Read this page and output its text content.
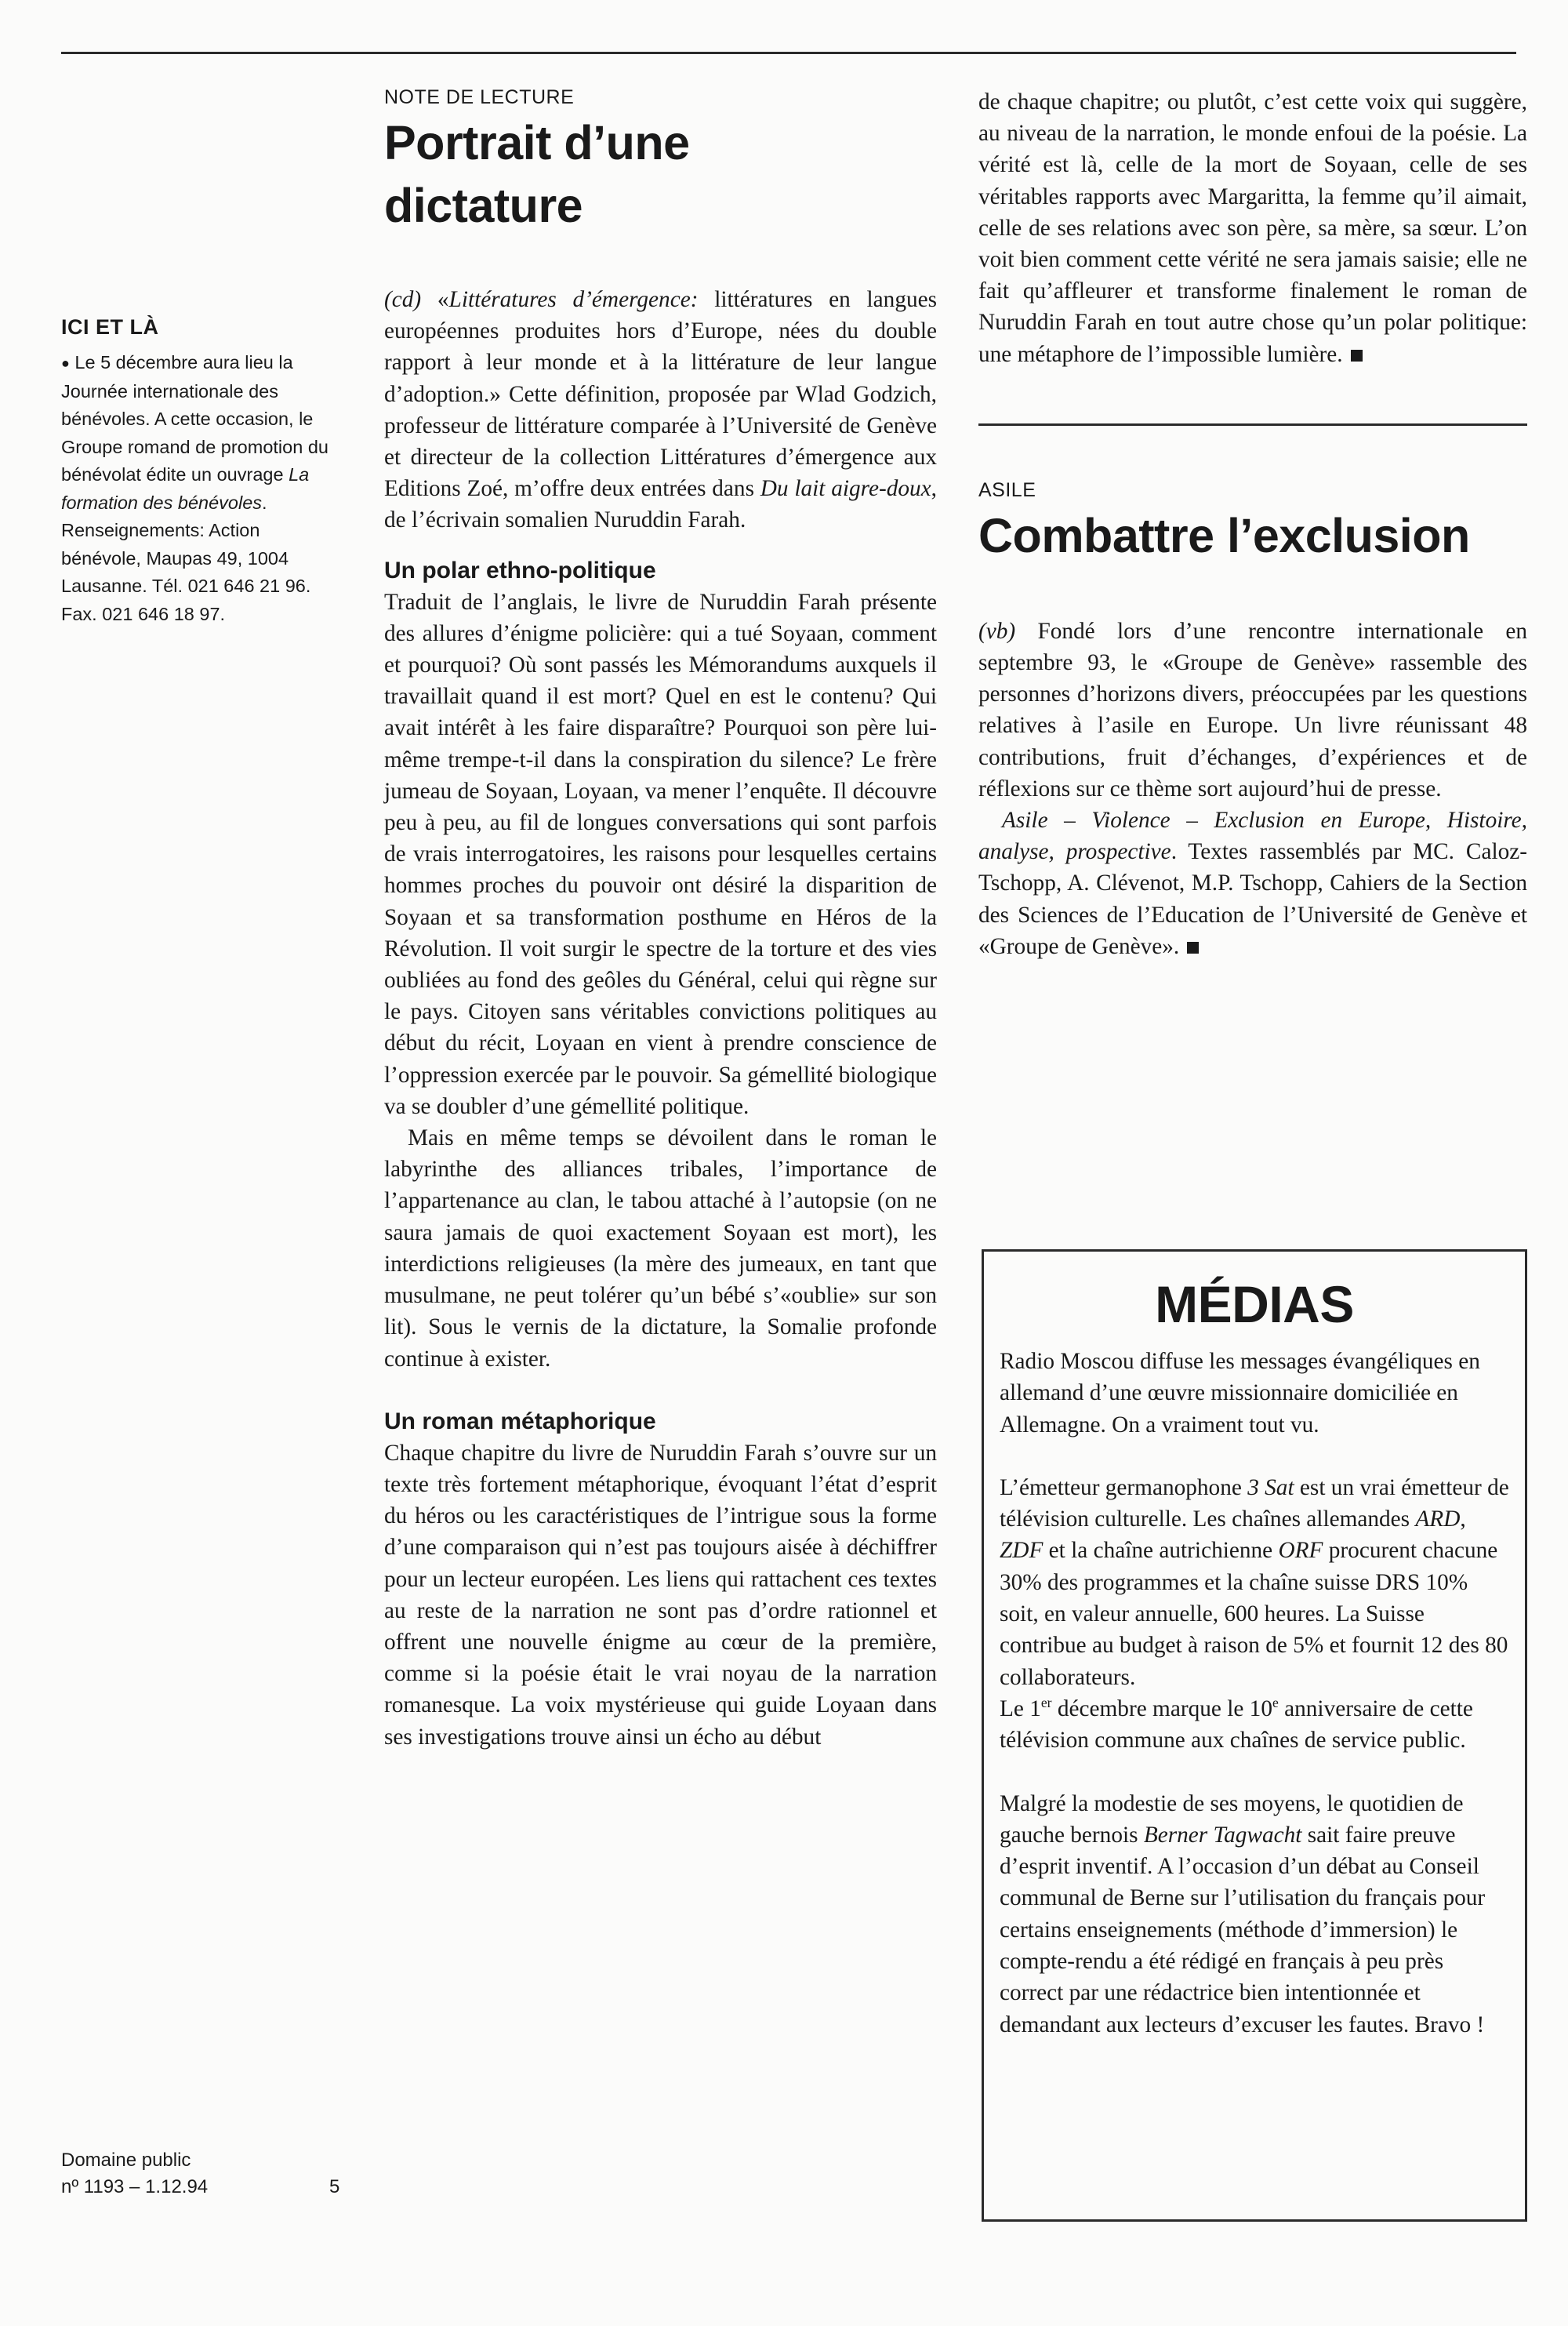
ICI ET LÀ

● Le 5 décembre aura lieu la Journée internationale des bénévoles. A cette occasion, le Groupe romand de promotion du bénévolat édite un ouvrage La formation des bénévoles. Renseignements: Action bénévole, Maupas 49, 1004 Lausanne. Tél. 021 646 21 96. Fax. 021 646 18 97.

Domaine public
nº 1193 – 1.12.94	5

NOTE DE LECTURE

Portrait d’une dictature

(cd) «Littératures d’émergence: littératures en langues européennes produites hors d’Europe, nées du double rapport à leur monde et à la littérature de leur langue d’adoption.» Cette définition, proposée par Wlad Godzich, professeur de littérature comparée à l’Université de Genève et directeur de la collection Littératures d’émergence aux Editions Zoé, m’offre deux entrées dans Du lait aigre-doux, de l’écrivain somalien Nuruddin Farah.

Un polar ethno-politique

Traduit de l’anglais, le livre de Nuruddin Farah présente des allures d’énigme policière: qui a tué Soyaan, comment et pourquoi? Où sont passés les Mémorandums auxquels il travaillait quand il est mort? Quel en est le contenu? Qui avait intérêt à les faire disparaître? Pourquoi son père lui-même trempe-t-il dans la conspiration du silence? Le frère jumeau de Soyaan, Loyaan, va mener l’enquête. Il découvre peu à peu, au fil de longues conversations qui sont parfois de vrais interrogatoires, les raisons pour lesquelles certains hommes proches du pouvoir ont désiré la disparition de Soyaan et sa transformation posthume en Héros de la Révolution. Il voit surgir le spectre de la torture et des vies oubliées au fond des geôles du Général, celui qui règne sur le pays. Citoyen sans véritables convictions politiques au début du récit, Loyaan en vient à prendre conscience de l’oppression exercée par le pouvoir. Sa gémellité biologique va se doubler d’une gémellité politique.

Mais en même temps se dévoilent dans le roman le labyrinthe des alliances tribales, l’importance de l’appartenance au clan, le tabou attaché à l’autopsie (on ne saura jamais de quoi exactement Soyaan est mort), les interdictions religieuses (la mère des jumeaux, en tant que musulmane, ne peut tolérer qu’un bébé s’«oublie» sur son lit). Sous le vernis de la dictature, la Somalie profonde continue à exister.

Un roman métaphorique

Chaque chapitre du livre de Nuruddin Farah s’ouvre sur un texte très fortement métaphorique, évoquant l’état d’esprit du héros ou les caractéristiques de l’intrigue sous la forme d’une comparaison qui n’est pas toujours aisée à déchiffrer pour un lecteur européen. Les liens qui rattachent ces textes au reste de la narration ne sont pas d’ordre rationnel et offrent une nouvelle énigme au cœur de la première, comme si la poésie était le vrai noyau de la narration romanesque. La voix mystérieuse qui guide Loyaan dans ses investigations trouve ainsi un écho au début

de chaque chapitre; ou plutôt, c’est cette voix qui suggère, au niveau de la narration, le monde enfoui de la poésie. La vérité est là, celle de la mort de Soyaan, celle de ses véritables rapports avec Margaritta, la femme qu’il aimait, celle de ses relations avec son père, sa mère, sa sœur. L’on voit bien comment cette vérité ne sera jamais saisie; elle ne fait qu’affleurer et transforme finalement le roman de Nuruddin Farah en tout autre chose qu’un polar politique: une métaphore de l’impossible lumière.

ASILE

Combattre l’exclusion

(vb) Fondé lors d’une rencontre internationale en septembre 93, le «Groupe de Genève» rassemble des personnes d’horizons divers, préoccupées par les questions relatives à l’asile en Europe. Un livre réunissant 48 contributions, fruit d’échanges, d’expériences et de réflexions sur ce thème sort aujourd’hui de presse.

Asile – Violence – Exclusion en Europe, Histoire, analyse, prospective. Textes rassemblés par MC. Caloz-Tschopp, A. Clévenot, M.P. Tschopp, Cahiers de la Section des Sciences de l’Education de l’Université de Genève et «Groupe de Genève».

MÉDIAS

Radio Moscou diffuse les messages évangéliques en allemand d’une œuvre missionnaire domiciliée en Allemagne. On a vraiment tout vu.

L’émetteur germanophone 3 Sat est un vrai émetteur de télévision culturelle. Les chaînes allemandes ARD, ZDF et la chaîne autrichienne ORF procurent chacune 30% des programmes et la chaîne suisse DRS 10% soit, en valeur annuelle, 600 heures. La Suisse contribue au budget à raison de 5% et fournit 12 des 80 collaborateurs.

Le 1er décembre marque le 10e anniversaire de cette télévision commune aux chaînes de service public.

Malgré la modestie de ses moyens, le quotidien de gauche bernois Berner Tagwacht sait faire preuve d’esprit inventif. A l’occasion d’un débat au Conseil communal de Berne sur l’utilisation du français pour certains enseignements (méthode d’immersion) le compte-rendu a été rédigé en français à peu près correct par une rédactrice bien intentionnée et demandant aux lecteurs d’excuser les fautes. Bravo !
